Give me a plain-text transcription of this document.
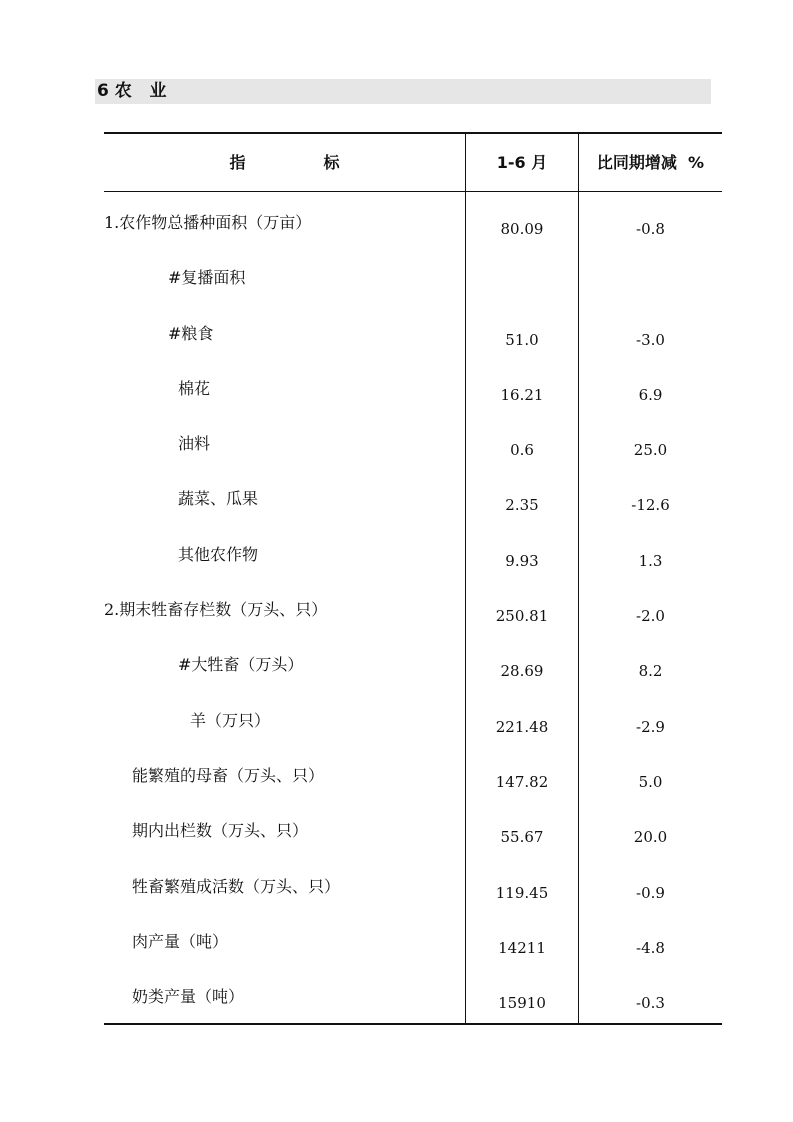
6 农   业
指              标	1-6 月	比同期增减  %
1.农作物总播种面积（万亩）	80.09	-0.8
#复播面积
#粮食	51.0	-3.0
棉花	16.21	6.9
油料	0.6	25.0
蔬菜、瓜果	2.35	-12.6
其他农作物	9.93	1.3
2.期末牲畜存栏数（万头、只）	250.81	-2.0
#大牲畜（万头）	28.69	8.2
羊（万只）	221.48	-2.9
能繁殖的母畜（万头、只）	147.82	5.0
期内出栏数（万头、只）	55.67	20.0
牲畜繁殖成活数（万头、只）	119.45	-0.9
肉产量（吨）	14211	-4.8
奶类产量（吨）	15910	-0.3
